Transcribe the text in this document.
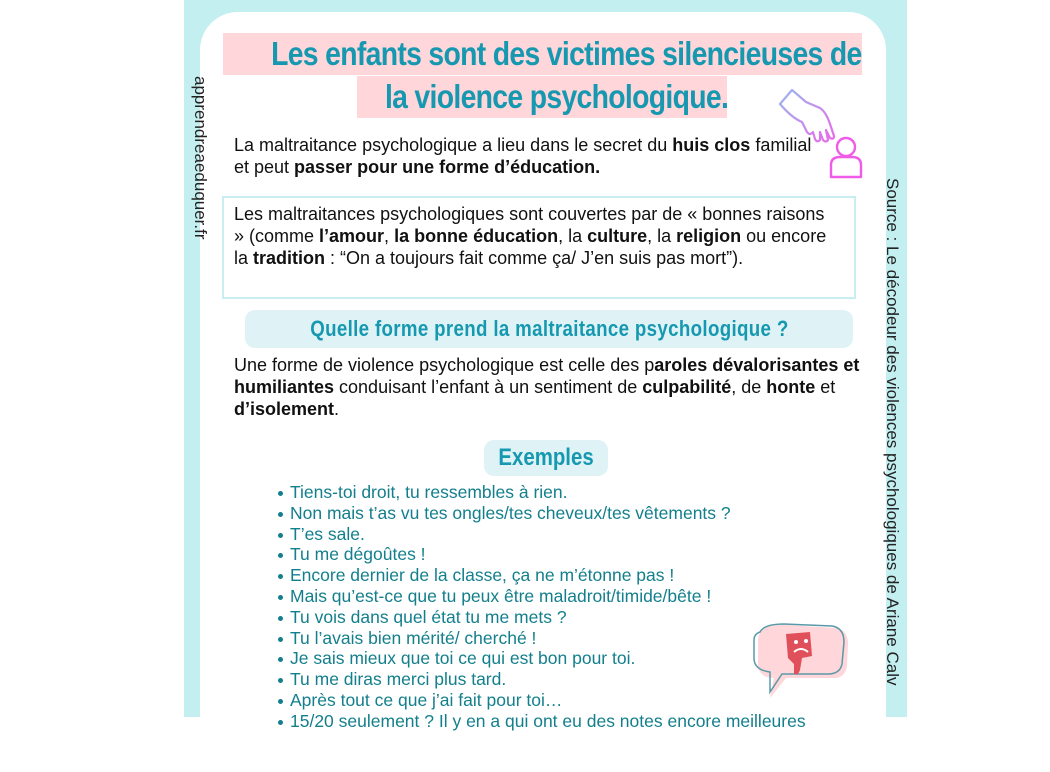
apprendreaeduquer.fr
Source : Le décodeur des violences psychologiques de Ariane Calv
Les enfants sont des victimes silencieuses de
la violence psychologique.

La maltraitance psychologique a lieu dans le secret du huis clos familial et peut passer pour une forme d’éducation.

Les maltraitances psychologiques sont couvertes par de « bonnes raisons » (comme l’amour, la bonne éducation, la culture, la religion ou encore la tradition : “On a toujours fait comme ça/ J’en suis pas mort”).

Quelle forme prend la maltraitance psychologique ?

Une forme de violence psychologique est celle des paroles dévalorisantes et humiliantes conduisant l’enfant à un sentiment de culpabilité, de honte et d’isolement.

Exemples
Tiens-toi droit, tu ressembles à rien.
Non mais t’as vu tes ongles/tes cheveux/tes vêtements ?
T’es sale.
Tu me dégoûtes !
Encore dernier de la classe, ça ne m’étonne pas !
Mais qu’est-ce que tu peux être maladroit/timide/bête !
Tu vois dans quel état tu me mets ?
Tu l’avais bien mérité/ cherché !
Je sais mieux que toi ce qui est bon pour toi.
Tu me diras merci plus tard.
Après tout ce que j’ai fait pour toi…
15/20 seulement ? Il y en a qui ont eu des notes encore meilleures
